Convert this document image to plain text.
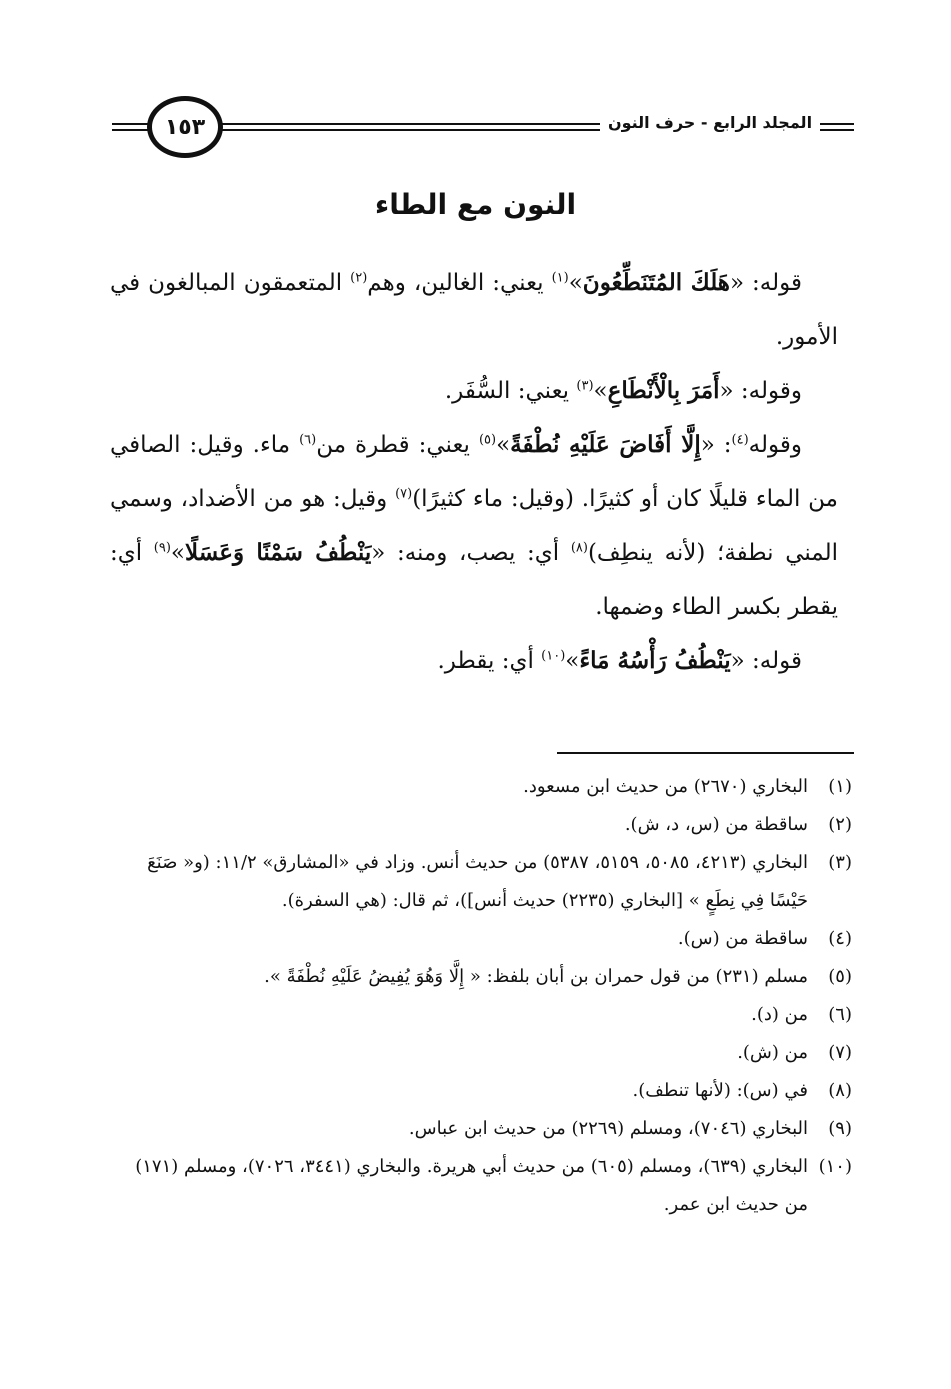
١٥٣	المجلد الرابع - حرف النون
النون مع الطاء

قوله: «هَلَكَ المُتَنَطِّعُونَ»$^{(١)}$ يعني: الغالين، وهم$^{(٢)}$ المتعمقون المبالغون في الأمور.

وقوله: «أَمَرَ بِالْأَنْطَاعِ»$^{(٣)}$ يعني: السُّفَر.

وقوله$^{(٤)}$: «إِلَّا أَفَاضَ عَلَيْهِ نُطْفَةً»$^{(٥)}$ يعني: قطرة من$^{(٦)}$ ماء. وقيل: الصافي من الماء قليلًا كان أو كثيرًا. (وقيل: ماء كثيرًا)$^{(٧)}$ وقيل: هو من الأضداد، وسمي المني نطفة؛ (لأنه ينطِف)$^{(٨)}$ أي: يصب، ومنه: «يَنْطُفُ سَمْنًا وَعَسَلًا»$^{(٩)}$ أي: يقطر بكسر الطاء وضمها.

قوله: «يَنْطُفُ رَأْسُهُ مَاءً»$^{(١٠)}$ أي: يقطر.

(١)
البخاري (٢٦٧٠) من حديث ابن مسعود.
(٢)
ساقطة من (س، د، ش).
(٣)
البخاري (٤٢١٣، ٥٠٨٥، ٥١٥٩، ٥٣٨٧) من حديث أنس. وزاد في «المشارق» ١١/٢: (و« صَنَعَ حَيْسًا فِي نِطَعٍ » [البخاري (٢٢٣٥) حديث أنس])، ثم قال: (هي السفرة).
(٤)
ساقطة من (س).
(٥)
مسلم (٢٣١) من قول حمران بن أبان بلفظ: « إِلَّا وَهُوَ يُفِيضُ عَلَيْهِ نُطْفَةً ».
(٦)
من (د).
(٧)
من (ش).
(٨)
في (س): (لأنها تنطف).
(٩)
البخاري (٧٠٤٦)، ومسلم (٢٢٦٩) من حديث ابن عباس.
(١٠)
البخاري (٦٣٩)، ومسلم (٦٠٥) من حديث أبي هريرة. والبخاري (٣٤٤١، ٧٠٢٦)، ومسلم (١٧١) من حديث ابن عمر.
